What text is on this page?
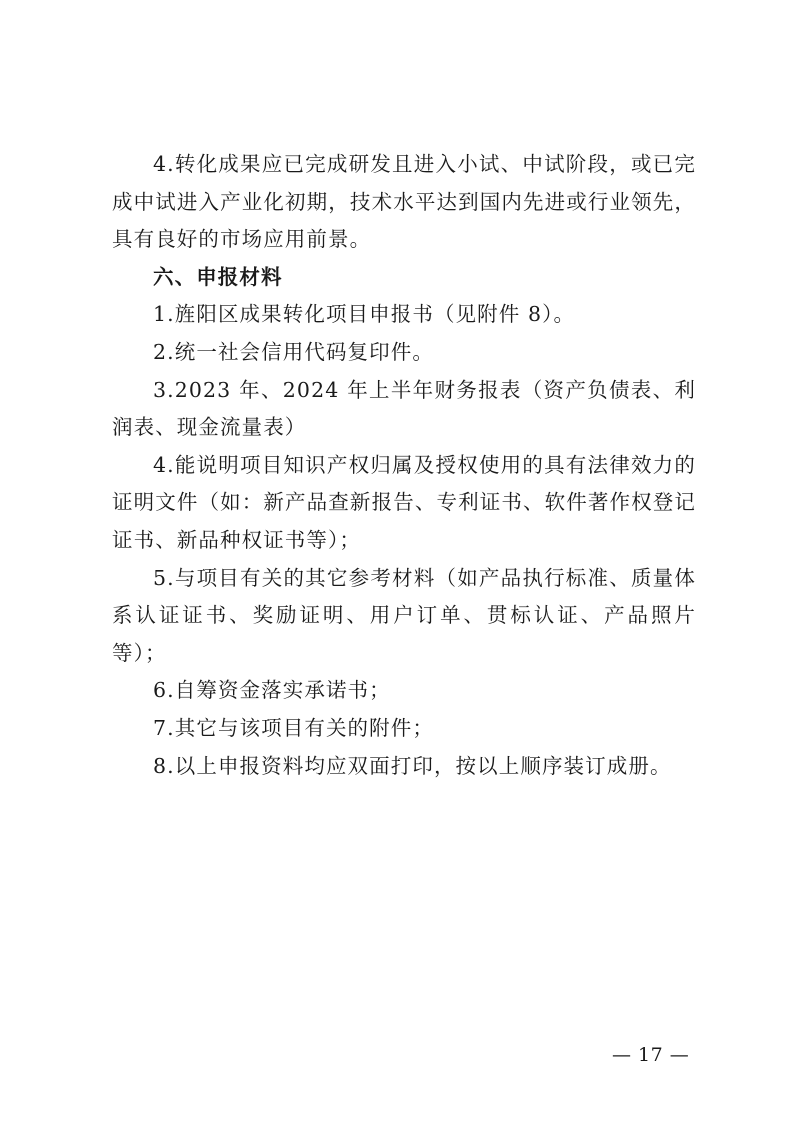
4.转化成果应已完成研发且进入小试、中试阶段，或已完成中试进入产业化初期，技术水平达到国内先进或行业领先，具有良好的市场应用前景。

六、申报材料

1.旌阳区成果转化项目申报书（见附件 8）。

2.统一社会信用代码复印件。

3.2023 年、2024 年上半年财务报表（资产负债表、利润表、现金流量表）

4.能说明项目知识产权归属及授权使用的具有法律效力的证明文件（如：新产品查新报告、专利证书、软件著作权登记证书、新品种权证书等）；

5.与项目有关的其它参考材料（如产品执行标准、质量体系认证证书、奖励证明、用户订单、贯标认证、产品照片等）；

6.自筹资金落实承诺书；

7.其它与该项目有关的附件；

8.以上申报资料均应双面打印，按以上顺序装订成册。

— 17 —
